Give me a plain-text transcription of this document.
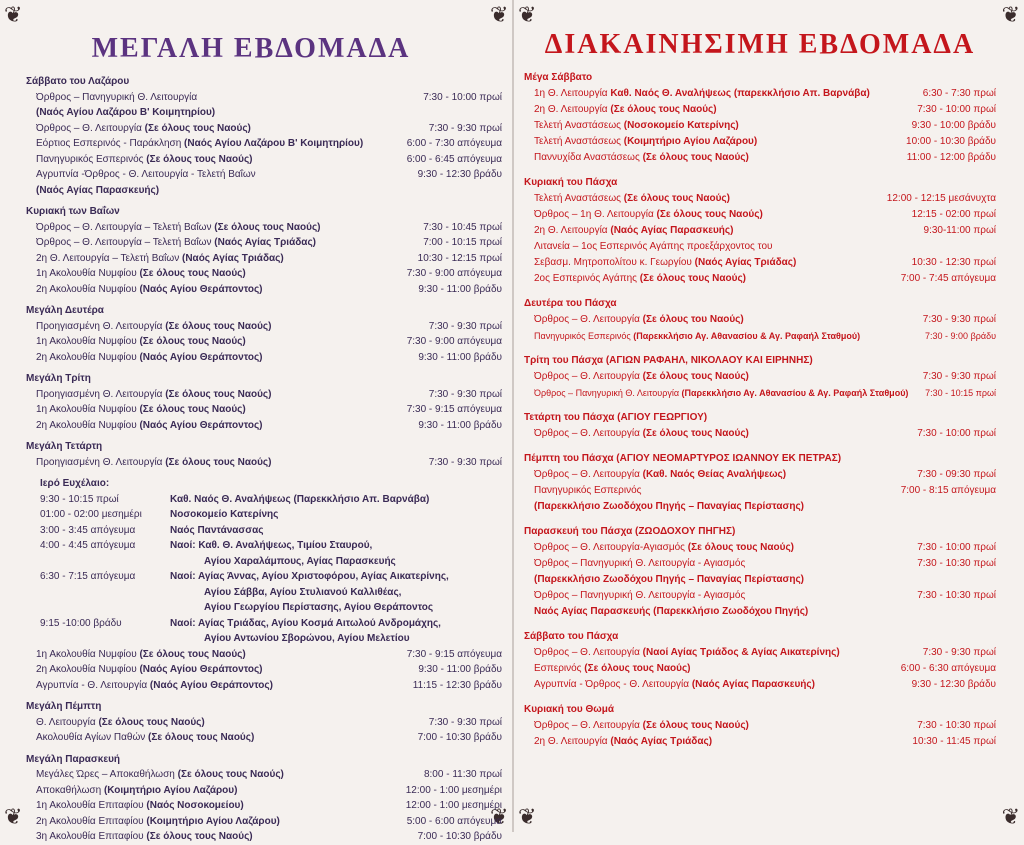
❦
❦
❦
❦
❦
❦
❦
❦
ΜΕΓΑΛΗ ΕΒΔΟΜΑΔΑ
Σάββατο του Λαζάρου
Όρθρος – Πανηγυρική Θ. Λειτουργία	7:30 - 10:00 πρωί
(Ναός Αγίου Λαζάρου Β' Κοιμητηρίου)
Όρθρος – Θ. Λειτουργία (Σε όλους τους Ναούς)	7:30 - 9:30 πρωί
Εόρτιος Εσπερινός - Παράκληση (Ναός Αγίου Λαζάρου Β' Κοιμητηρίου)	6:00 - 7:30 απόγευμα
Πανηγυρικός Εσπερινός (Σε όλους τους Ναούς)	6:00 - 6:45 απόγευμα
Αγρυπνία -Όρθρος - Θ. Λειτουργία - Τελετή Βαΐων	9:30 - 12:30 βράδυ
(Ναός Αγίας Παρασκευής)
Κυριακή των Βαΐων
Όρθρος – Θ. Λειτουργία – Τελετή Βαΐων (Σε όλους τους Ναούς)	7:30 - 10:45 πρωί
Όρθρος – Θ. Λειτουργία – Τελετή Βαΐων (Ναός Αγίας Τριάδας)	7:00 - 10:15 πρωί
2η Θ. Λειτουργία – Τελετή Βαΐων (Ναός Αγίας Τριάδας)	10:30 - 12:15 πρωί
1η Ακολουθία Νυμφίου (Σε όλους τους Ναούς)	7:30 - 9:00 απόγευμα
2η Ακολουθία Νυμφίου (Ναός Αγίου Θεράποντος)	9:30 - 11:00 βράδυ
Μεγάλη Δευτέρα
Προηγιασμένη Θ. Λειτουργία (Σε όλους τους Ναούς)	7:30 - 9:30 πρωί
1η Ακολουθία Νυμφίου (Σε όλους τους Ναούς)	7:30 - 9:00 απόγευμα
2η Ακολουθία Νυμφίου (Ναός Αγίου Θεράποντος)	9:30 - 11:00 βράδυ
Μεγάλη Τρίτη
Προηγιασμένη Θ. Λειτουργία (Σε όλους τους Ναούς)	7:30 - 9:30 πρωί
1η Ακολουθία Νυμφίου (Σε όλους τους Ναούς)	7:30 - 9:15 απόγευμα
2η Ακολουθία Νυμφίου (Ναός Αγίου Θεράποντος)	9:30 - 11:00 βράδυ
Μεγάλη Τετάρτη
Προηγιασμένη Θ. Λειτουργία (Σε όλους τους Ναούς)	7:30 - 9:30 πρωί
Ιερό Ευχέλαιο:
9:30 - 10:15 πρωί	Καθ. Ναός Θ. Αναλήψεως (Παρεκκλήσιο Απ. Βαρνάβα)
01:00 - 02:00 μεσημέρι	Νοσοκομείο Κατερίνης
3:00 - 3:45 απόγευμα	Ναός Παντάνασσας
4:00 - 4:45 απόγευμα	Ναοί: Καθ. Θ. Αναλήψεως, Τιμίου Σταυρού,
Αγίου Χαραλάμπους, Αγίας Παρασκευής
6:30 - 7:15 απόγευμα	Ναοί: Αγίας Άννας, Αγίου Χριστοφόρου, Αγίας Αικατερίνης,
Αγίου Σάββα, Αγίου Στυλιανού Καλλιθέας,
Αγίου Γεωργίου Περίστασης, Αγίου Θεράποντος
9:15 -10:00 βράδυ	Ναοί: Αγίας Τριάδας, Αγίου Κοσμά Αιτωλού Ανδρομάχης,
Αγίου Αντωνίου Σβορώνου, Αγίου Μελετίου
1η Ακολουθία Νυμφίου (Σε όλους τους Ναούς)	7:30 - 9:15 απόγευμα
2η Ακολουθία Νυμφίου (Ναός Αγίου Θεράποντος)	9:30 - 11:00 βράδυ
Αγρυπνία - Θ. Λειτουργία (Ναός Αγίου Θεράποντος)	11:15 - 12:30 βράδυ
Μεγάλη Πέμπτη
Θ. Λειτουργία (Σε όλους τους Ναούς)	7:30 - 9:30 πρωί
Ακολουθία Αγίων Παθών (Σε όλους τους Ναούς)	7:00 - 10:30 βράδυ
Μεγάλη Παρασκευή
Μεγάλες Ώρες – Αποκαθήλωση (Σε όλους τους Ναούς)	8:00 - 11:30 πρωί
Αποκαθήλωση (Κοιμητήριο Αγίου Λαζάρου)	12:00 - 1:00 μεσημέρι
1η Ακολουθία Επιταφίου (Ναός Νοσοκομείου)	12:00 - 1:00 μεσημέρι
2η Ακολουθία Επιταφίου (Κοιμητήριο Αγίου Λαζάρου)	5:00 - 6:00 απόγευμα
3η Ακολουθία Επιταφίου (Σε όλους τους Ναούς)	7:00 - 10:30 βράδυ
ΔΙΑΚΑΙΝΗΣΙΜΗ ΕΒΔΟΜΑΔΑ
Μέγα Σάββατο
1η Θ. Λειτουργία Καθ. Ναός Θ. Αναλήψεως (παρεκκλήσιο Απ. Βαρνάβα)	6:30 - 7:30 πρωί
2η Θ. Λειτουργία (Σε όλους τους Ναούς)	7:30 - 10:00 πρωί
Τελετή Αναστάσεως (Νοσοκομείο Κατερίνης)	9:30 - 10:00 βράδυ
Τελετή Αναστάσεως (Κοιμητήριο Αγίου Λαζάρου)	10:00 - 10:30 βράδυ
Παννυχίδα Αναστάσεως (Σε όλους τους Ναούς)	11:00 - 12:00 βράδυ
Κυριακή του Πάσχα
Τελετή Αναστάσεως (Σε όλους τους Ναούς)	12:00 - 12:15 μεσάνυχτα
Όρθρος – 1η Θ. Λειτουργία (Σε όλους τους Ναούς)	12:15 - 02:00 πρωί
2η Θ. Λειτουργία (Ναός Αγίας Παρασκευής)	9:30-11:00 πρωί
Λιτανεία – 1ος Εσπερινός Αγάπης προεξάρχοντος του
Σεβασμ. Μητροπολίτου κ. Γεωργίου (Ναός Αγίας Τριάδας)	10:30 - 12:30 πρωί
2ος Εσπερινός Αγάπης (Σε όλους τους Ναούς)	7:00 - 7:45 απόγευμα
Δευτέρα του Πάσχα
Όρθρος – Θ. Λειτουργία (Σε όλους του Ναούς)	7:30 - 9:30 πρωί
Πανηγυρικός Εσπερινός (Παρεκκλήσιο Αγ. Αθανασίου & Αγ. Ραφαήλ Σταθμού)	7:30 - 9:00 βράδυ
Τρίτη του Πάσχα (ΑΓΙΩΝ ΡΑΦΑΗΛ, ΝΙΚΟΛΑΟΥ ΚΑΙ ΕΙΡΗΝΗΣ)
Όρθρος – Θ. Λειτουργία (Σε όλους τους Ναούς)	7:30 - 9:30 πρωί
Όρθρος – Πανηγυρική Θ. Λειτουργία (Παρεκκλήσιο Αγ. Αθανασίου & Αγ. Ραφαήλ Σταθμού)	7:30 - 10:15 πρωί
Τετάρτη του Πάσχα (ΑΓΙΟΥ ΓΕΩΡΓΙΟΥ)
Όρθρος – Θ. Λειτουργία (Σε όλους τους Ναούς)	7:30 - 10:00 πρωί
Πέμπτη του Πάσχα (ΑΓΙΟΥ ΝΕΟΜΑΡΤΥΡΟΣ ΙΩΑΝΝΟΥ ΕΚ ΠΕΤΡΑΣ)
Όρθρος – Θ. Λειτουργία (Καθ. Ναός Θείας Αναλήψεως)	7:30 - 09:30 πρωί
Πανηγυρικός Εσπερινός	7:00 - 8:15 απόγευμα
(Παρεκκλήσιο Ζωοδόχου Πηγής – Παναγίας Περίστασης)
Παρασκευή του Πάσχα (ΖΩΟΔΟΧΟΥ ΠΗΓΗΣ)
Όρθρος – Θ. Λειτουργία-Αγιασμός (Σε όλους τους Ναούς)	7:30 - 10:00 πρωί
Όρθρος – Πανηγυρική Θ. Λειτουργία - Αγιασμός	7:30 - 10:30 πρωί
(Παρεκκλήσιο Ζωοδόχου Πηγής – Παναγίας Περίστασης)
Όρθρος – Πανηγυρική Θ. Λειτουργία - Αγιασμός	7:30 - 10:30 πρωί
Ναός Αγίας Παρασκευής (Παρεκκλήσιο Ζωοδόχου Πηγής)
Σάββατο του Πάσχα
Όρθρος – Θ. Λειτουργία (Ναοί Αγίας Τριάδος & Αγίας Αικατερίνης)	7:30 - 9:30 πρωί
Εσπερινός (Σε όλους τους Ναούς)	6:00 - 6:30 απόγευμα
Αγρυπνία - Όρθρος - Θ. Λειτουργία (Ναός Αγίας Παρασκευής)	9:30 - 12:30 βράδυ
Κυριακή του Θωμά
Όρθρος – Θ. Λειτουργία (Σε όλους τους Ναούς)	7:30 - 10:30 πρωί
2η Θ. Λειτουργία (Ναός Αγίας Τριάδας)	10:30 - 11:45 πρωί
